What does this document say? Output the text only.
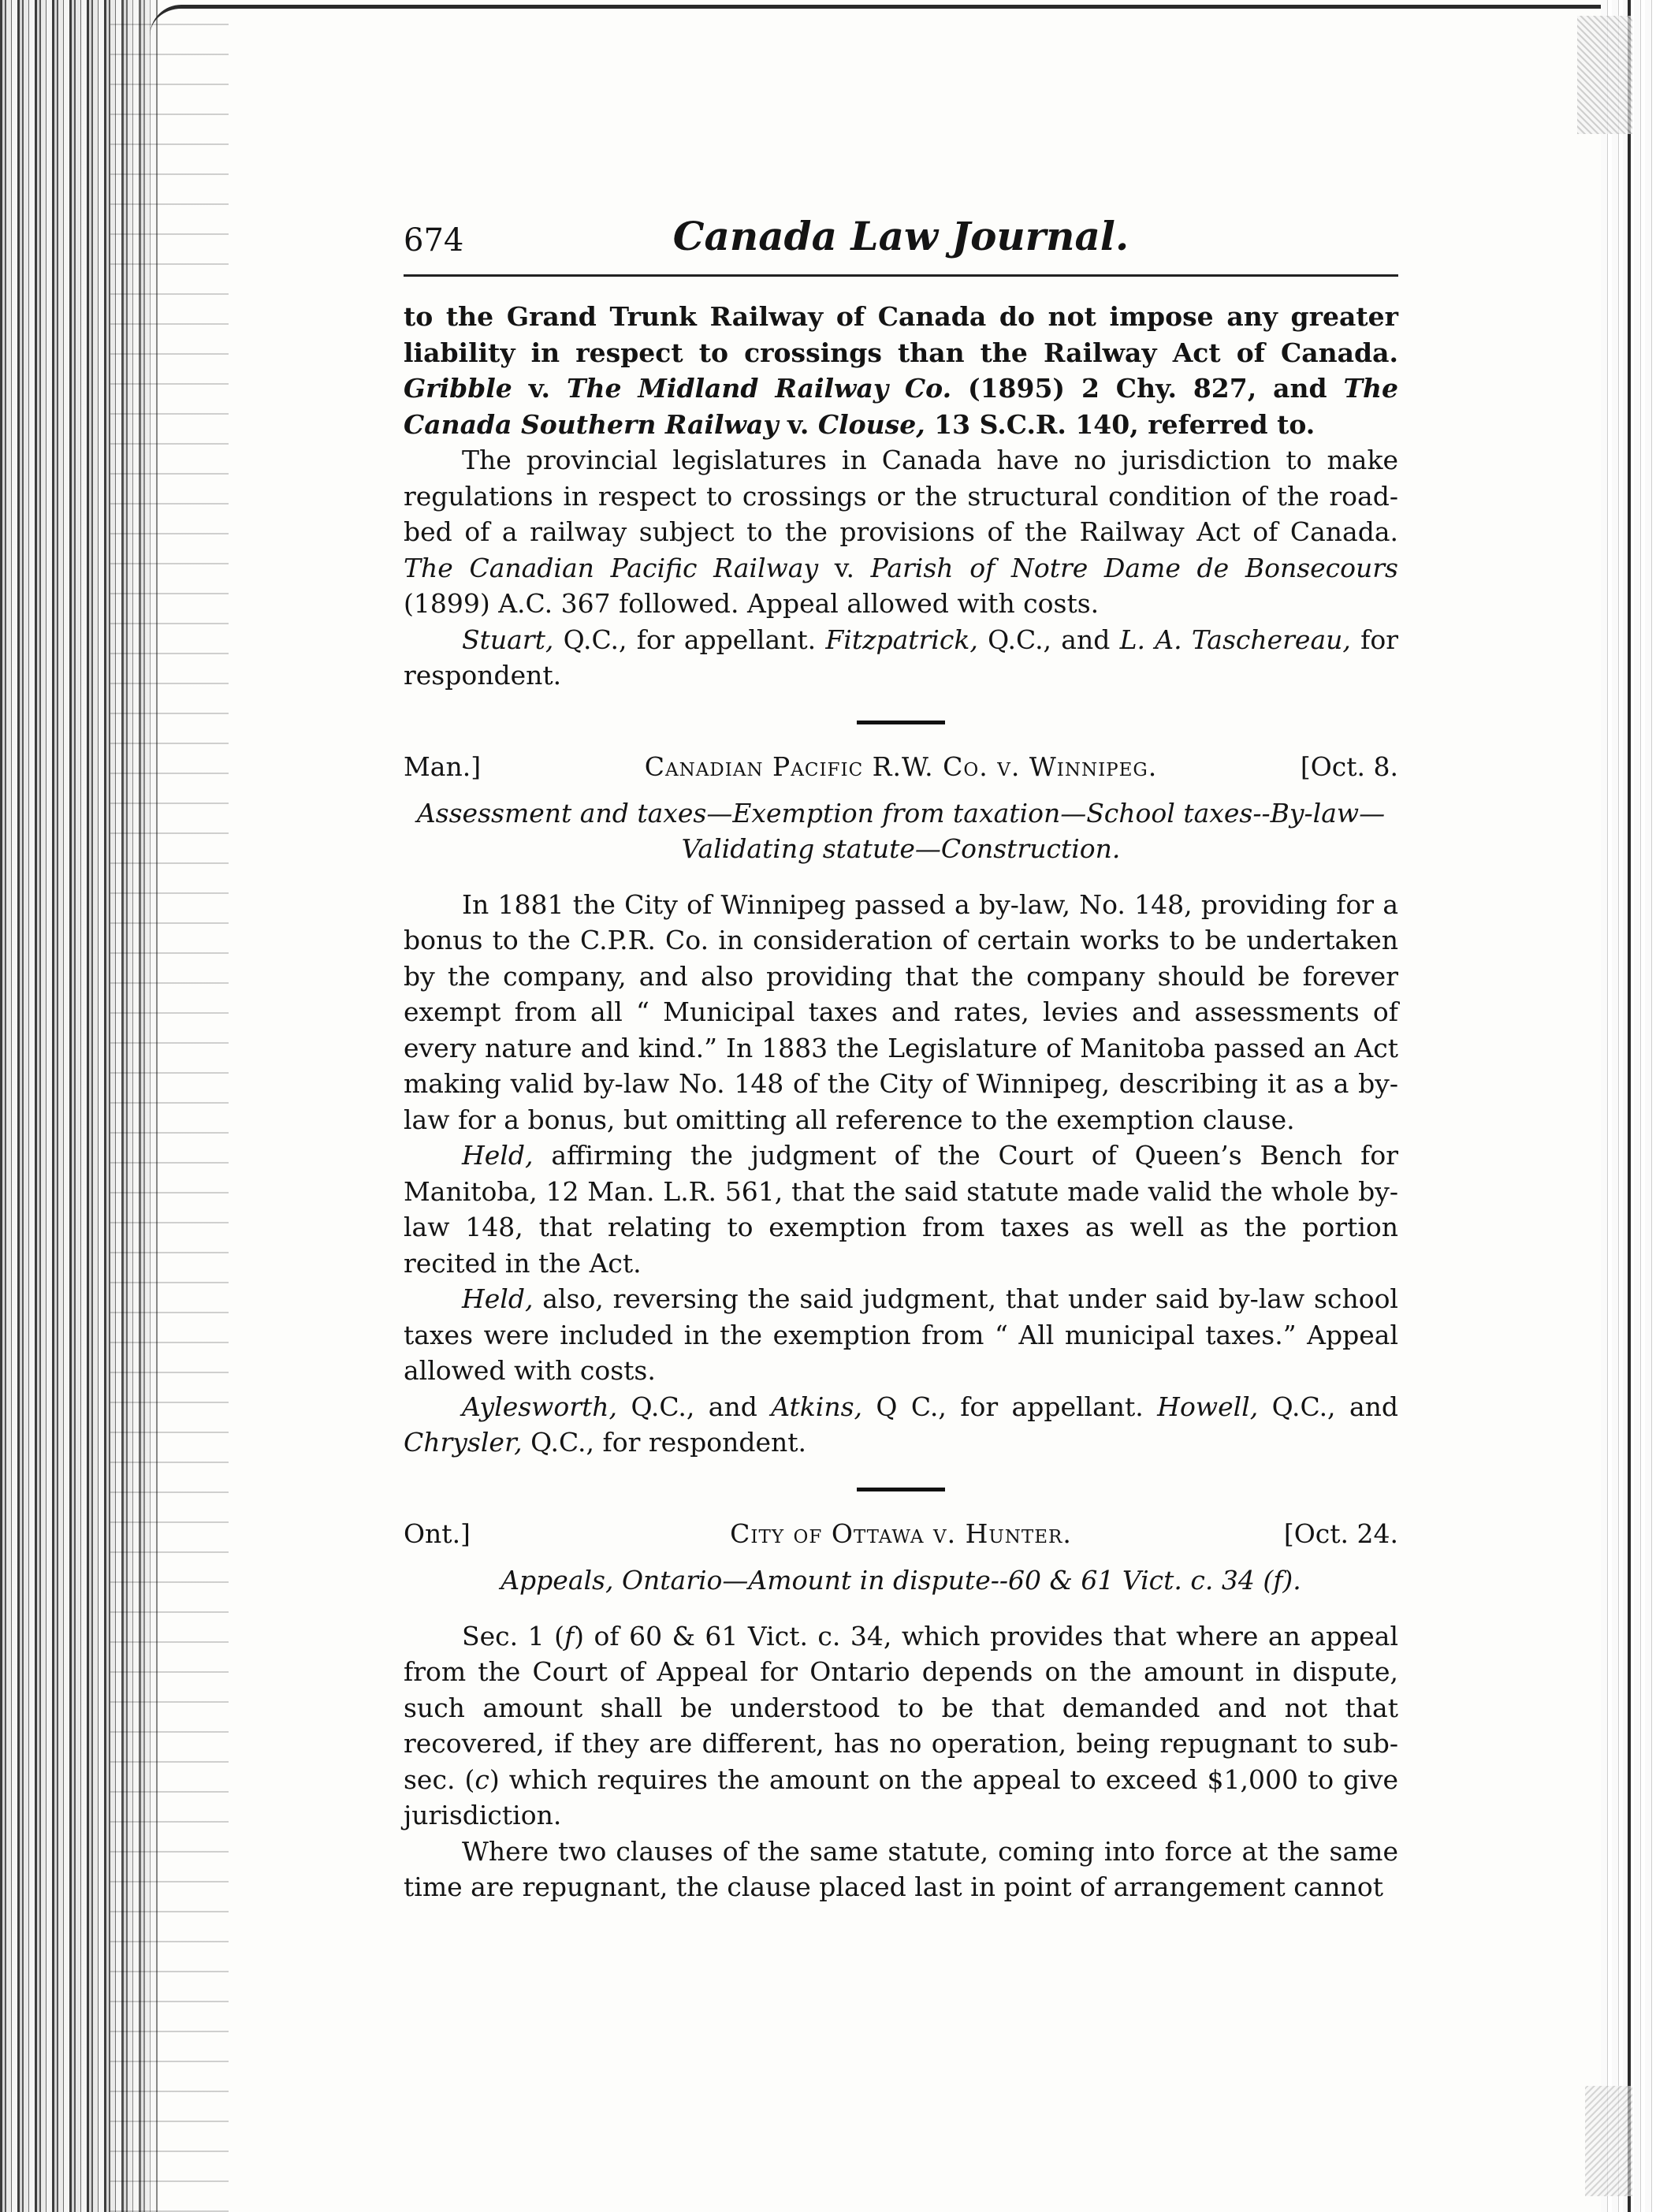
674	Canada Law Journal.

to the Grand Trunk Railway of Canada do not impose any greater liability in respect to crossings than the Railway Act of Canada. Gribble v. The Midland Railway Co. (1895) 2 Chy. 827, and The Canada Southern Railway v. Clouse, 13 S.C.R. 140, referred to.

The provincial legislatures in Canada have no jurisdiction to make regulations in respect to crossings or the structural condition of the road-bed of a railway subject to the provisions of the Railway Act of Canada. The Canadian Pacific Railway v. Parish of Notre Dame de Bonsecours (1899) A.C. 367 followed. Appeal allowed with costs.

Stuart, Q.C., for appellant. Fitzpatrick, Q.C., and L. A. Taschereau, for respondent.

Man.]	Canadian Pacific R.W. Co. v. Winnipeg.	[Oct. 8.
Assessment and taxes—Exemption from taxation—School taxes--By-law—
Validating statute—Construction.

In 1881 the City of Winnipeg passed a by-law, No. 148, providing for a bonus to the C.P.R. Co. in consideration of certain works to be undertaken by the company, and also providing that the company should be forever exempt from all “ Municipal taxes and rates, levies and assessments of every nature and kind.” In 1883 the Legislature of Manitoba passed an Act making valid by-law No. 148 of the City of Winnipeg, describing it as a by-law for a bonus, but omitting all reference to the exemption clause.

Held, affirming the judgment of the Court of Queen’s Bench for Manitoba, 12 Man. L.R. 561, that the said statute made valid the whole by-law 148, that relating to exemption from taxes as well as the portion recited in the Act.

Held, also, reversing the said judgment, that under said by-law school taxes were included in the exemption from “ All municipal taxes.” Appeal allowed with costs.

Aylesworth, Q.C., and Atkins, Q C., for appellant. Howell, Q.C., and Chrysler, Q.C., for respondent.

Ont.]	City of Ottawa v. Hunter.	[Oct. 24.
Appeals, Ontario—Amount in dispute--60 & 61 Vict. c. 34 (f).

Sec. 1 (f) of 60 & 61 Vict. c. 34, which provides that where an appeal from the Court of Appeal for Ontario depends on the amount in dispute, such amount shall be understood to be that demanded and not that recovered, if they are different, has no operation, being repugnant to sub-sec. (c) which requires the amount on the appeal to exceed $1,000 to give jurisdiction.

Where two clauses of the same statute, coming into force at the same time are repugnant, the clause placed last in point of arrangement cannot
